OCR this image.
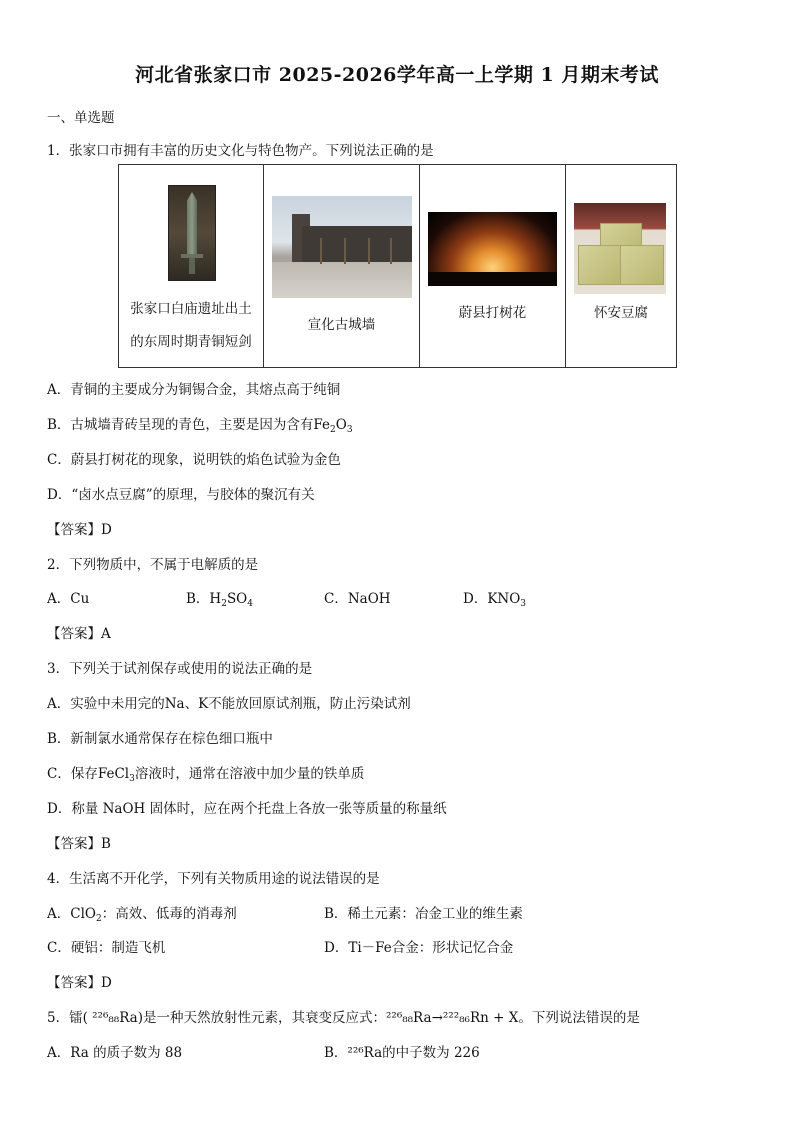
河北省张家口市 2025-2026学年高一上学期 1 月期末考试
一、单选题
1．张家口市拥有丰富的历史文化与特色物产。下列说法正确的是
张家口白庙遗址出土
的东周时期青铜短剑

宣化古城墙

蔚县打树花	怀安豆腐
A．青铜的主要成分为铜锡合金，其熔点高于纯铜
B．古城墙青砖呈现的青色，主要是因为含有$Fe_2O_3$
C．蔚县打树花的现象，说明铁的焰色试验为金色
D．“卤水点豆腐”的原理，与胶体的聚沉有关
【答案】D
2．下列物质中，不属于电解质的是
A．Cu	B．$H_2SO_4$	C．NaOH	D．$KNO_3$
【答案】A
3．下列关于试剂保存或使用的说法正确的是
A．实验中未用完的Na、K不能放回原试剂瓶，防止污染试剂
B．新制氯水通常保存在棕色细口瓶中
C．保存FeCl$_3$溶液时，通常在溶液中加少量的铁单质
D．称量 NaOH 固体时，应在两个托盘上各放一张等质量的称量纸
【答案】B
4．生活离不开化学，下列有关物质用途的说法错误的是
A．ClO$_2$：高效、低毒的消毒剂	B．稀土元素：冶金工业的维生素
C．硬铝：制造飞机	D．Ti－Fe合金：形状记忆合金
【答案】D
5．镭( ²²⁶₈₈Ra)是一种天然放射性元素，其衰变反应式：²²⁶₈₈Ra→²²²₈₆Rn + X。下列说法错误的是
A．Ra 的质子数为 88	B．²²⁶Ra的中子数为 226
